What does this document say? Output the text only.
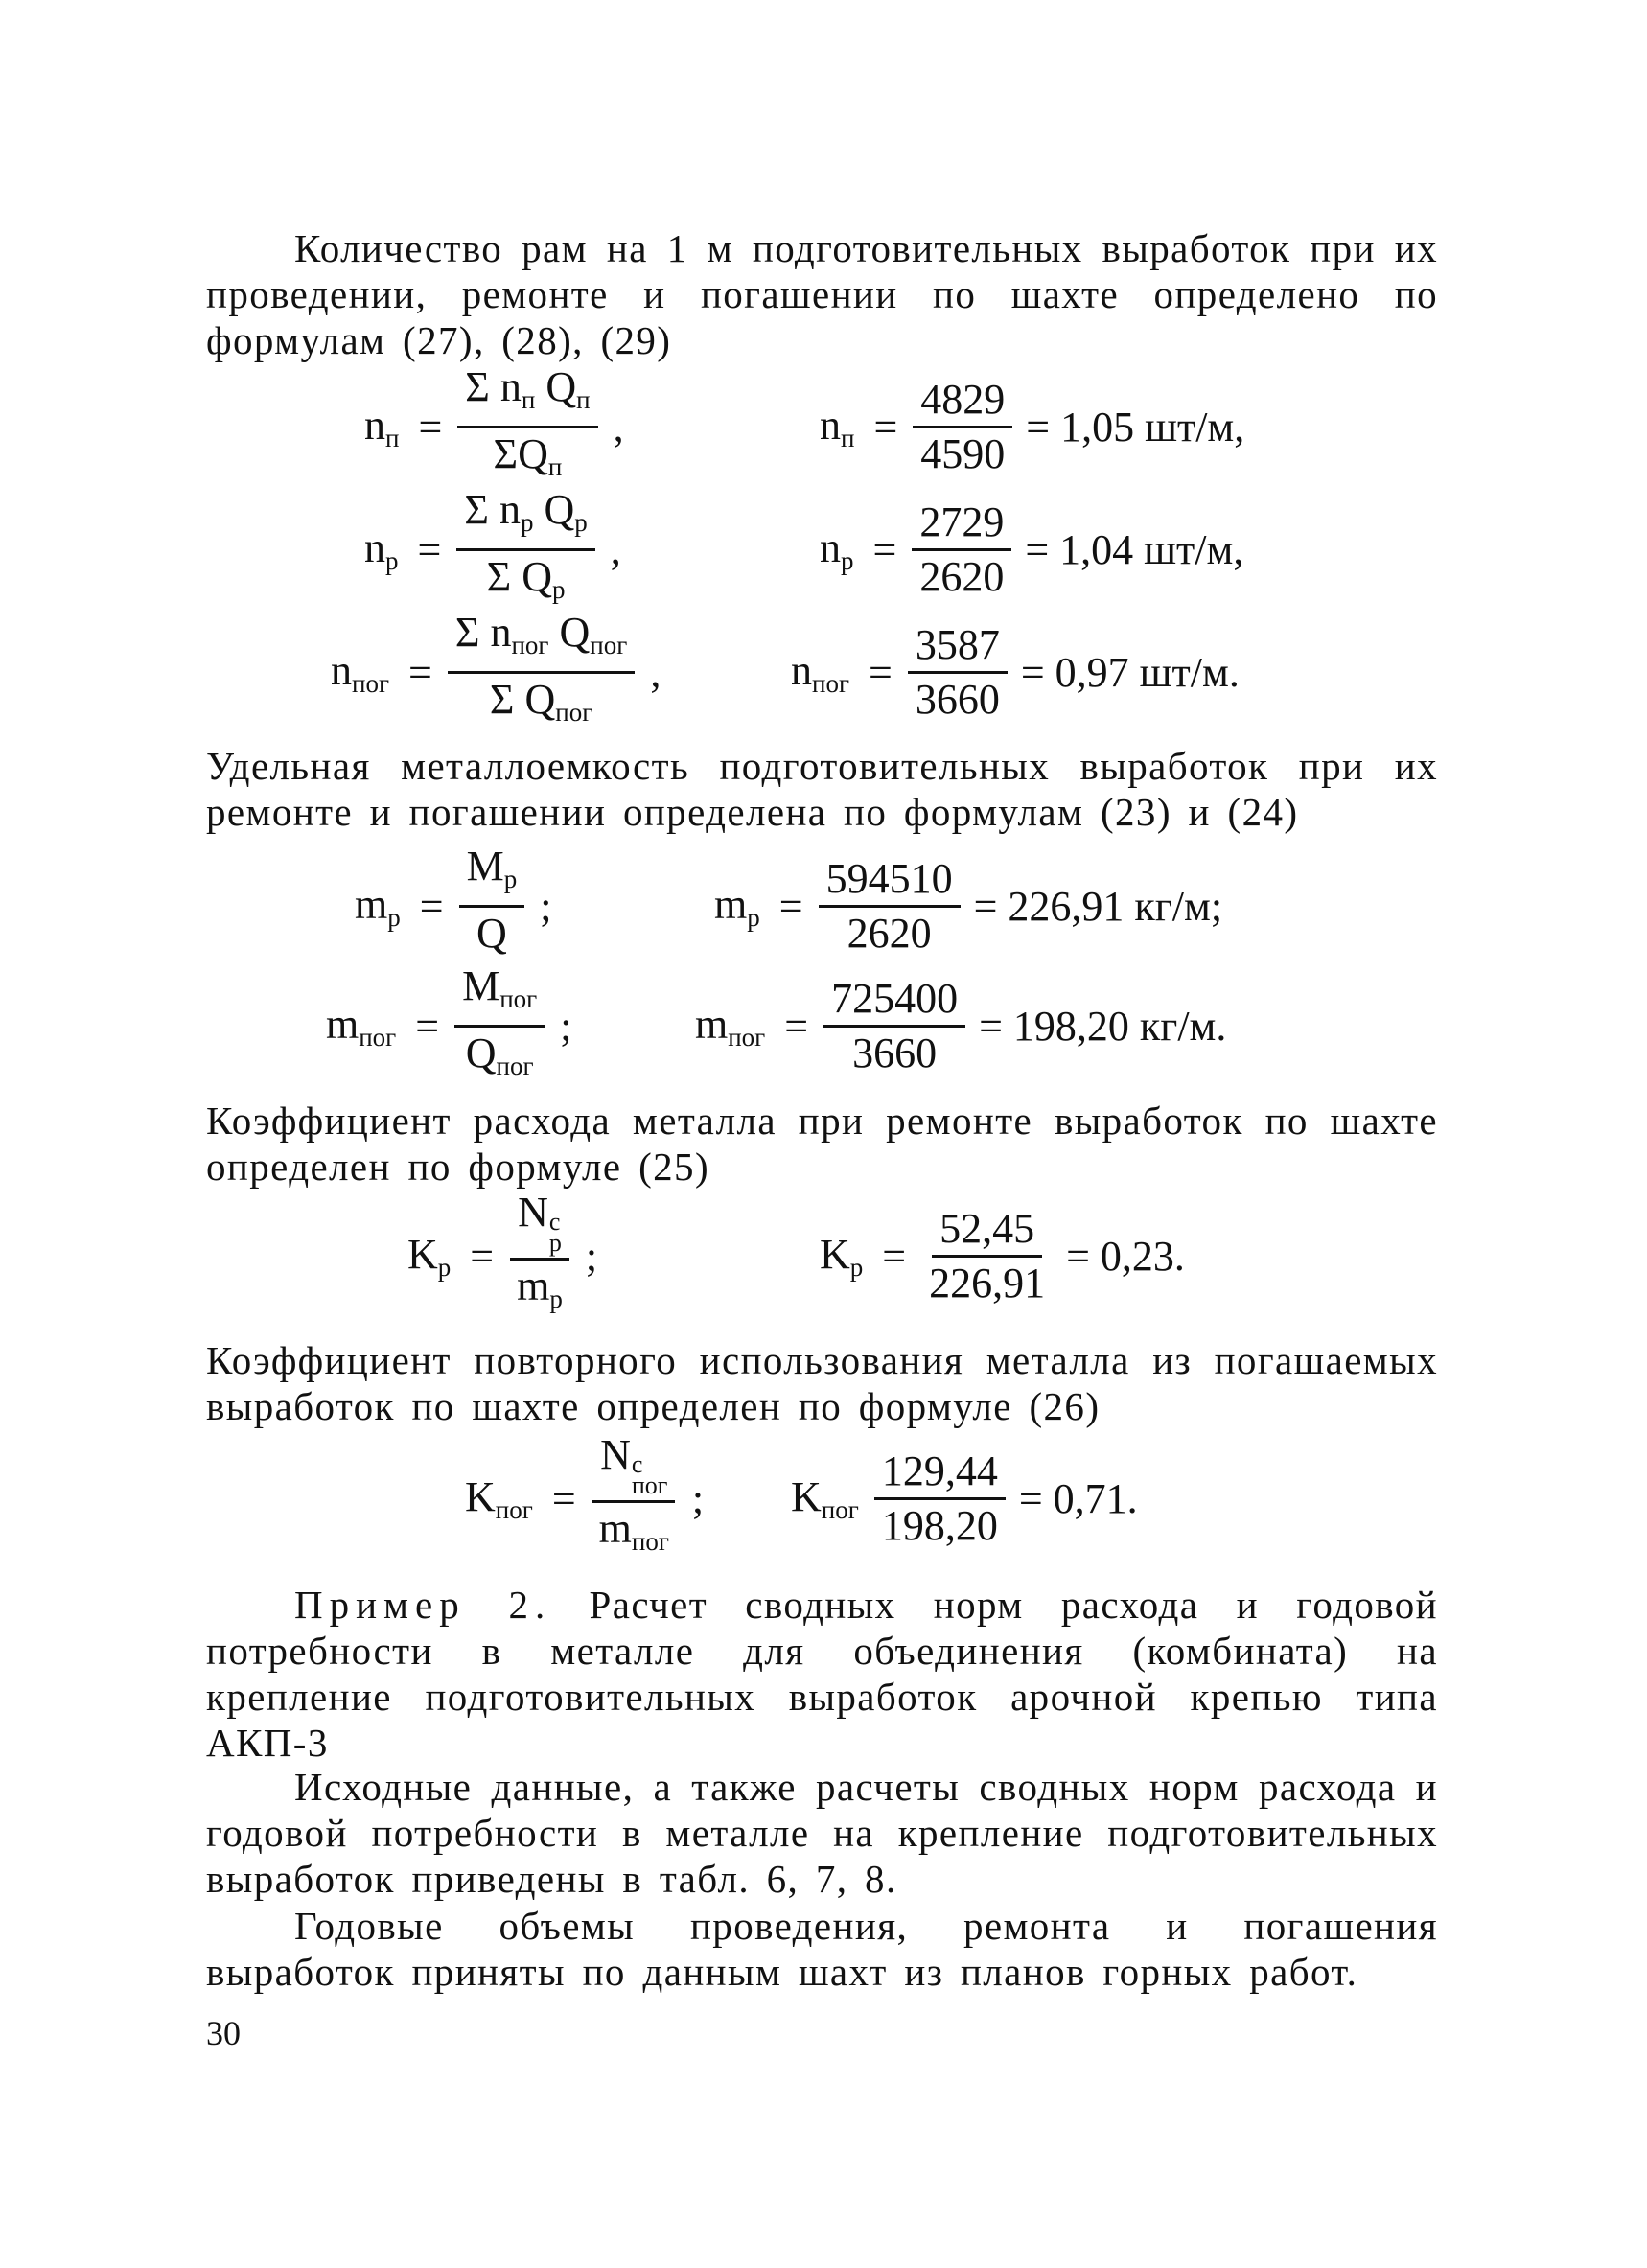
Количество рам на 1 м подготовительных выработок при их проведении, ремонте и погашении по шахте определено по формулам (27), (28), (29)
$n_п = \frac{\Sigma n_п Q_п}{\Sigma Q_п}$ ,	$n_п = \frac{4829}{4590} = 1,05$ шт/м,
$n_р = \frac{\Sigma n_р Q_р}{\Sigma Q_р}$ ,	$n_р = \frac{2729}{2620} = 1,04$ шт/м,
$n_{пог} = \frac{\Sigma n_{пог} Q_{пог}}{\Sigma Q_{пог}}$ ,	$n_{пог} = \frac{3587}{3660} = 0,97$ шт/м.
Удельная металлоемкость подготовительных выработок при их ремонте и погашении определена по формулам (23) и (24)
$m_р = \frac{M_р}{Q}$ ;	$m_р = \frac{594510}{2620} = 226,91$ кг/м;
$m_{пог} = \frac{M_{пог}}{Q_{пог}}$ ;	$m_{пог} = \frac{725400}{3660} = 198,20$ кг/м.
Коэффициент расхода металла при ремонте выработок по шахте определен по формуле (25)
$K_р = N$ с
р
$m_р$ ;	$K_р = \frac{52,45}{226,91} = 0,23$.
Коэффициент повторного использования металла из погашаемых выработок по шахте определен по формуле (26)
$K_{пог} = N$ с
пог
$m_{пог}$ ; $K_{пог} \frac{129,44}{198,20} = 0,71$.
Пример 2. Расчет сводных норм расхода и годовой потребности в металле для объединения (комбината) на крепление подготовительных выработок арочной крепью типа АКП-3
Исходные данные, а также расчеты сводных норм расхода и годовой потребности в металле на крепление подготовительных выработок приведены в табл. 6, 7, 8.
Годовые объемы проведения, ремонта и погашения выработок приняты по данным шахт из планов горных работ.
30
